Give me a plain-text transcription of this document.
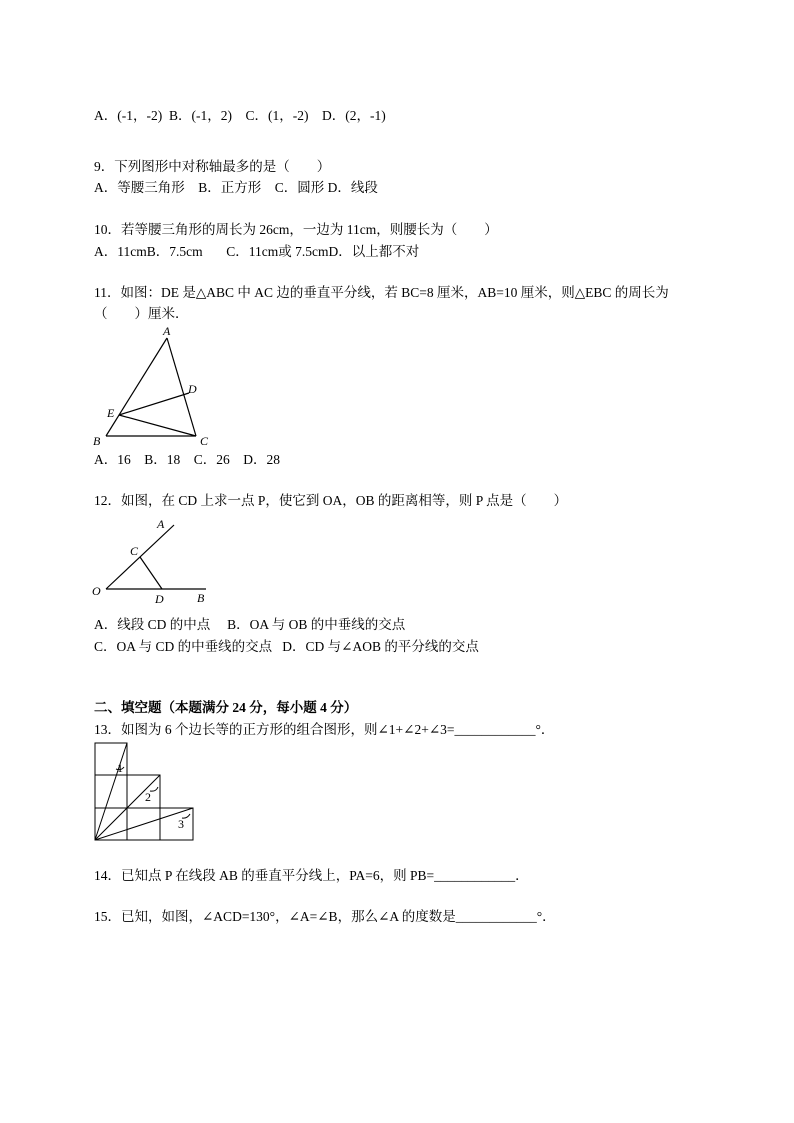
A．(-1，-2)  B．(-1，2)    C．(1，-2)    D．(2，-1)
9．下列图形中对称轴最多的是（        ）
A．等腰三角形    B．正方形    C．圆形 D．线段
10．若等腰三角形的周长为 26cm，一边为 11cm，则腰长为（        ）
A．11cmB．7.5cm       C．11cm或 7.5cmD．以上都不对
11．如图：DE 是△ABC 中 AC 边的垂直平分线，若 BC=8 厘米，AB=10 厘米，则△EBC 的周长为
（        ）厘米．
A
D
E
B	C
A．16    B．18    C．26    D．28
12．如图，在 CD 上求一点 P，使它到 OA，OB 的距离相等，则 P 点是（        ）
A
C
O
D	B
A．线段 CD 的中点     B．OA 与 OB 的中垂线的交点
C．OA 与 CD 的中垂线的交点   D．CD 与∠AOB 的平分线的交点
二、填空题（本题满分 24 分，每小题 4 分）
13．如图为 6 个边长等的正方形的组合图形，则∠1+∠2+∠3=____________°．
1
2
3
14．已知点 P 在线段 AB 的垂直平分线上，PA=6，则 PB=____________．
15．已知，如图，∠ACD=130°，∠A=∠B，那么∠A 的度数是____________°．
